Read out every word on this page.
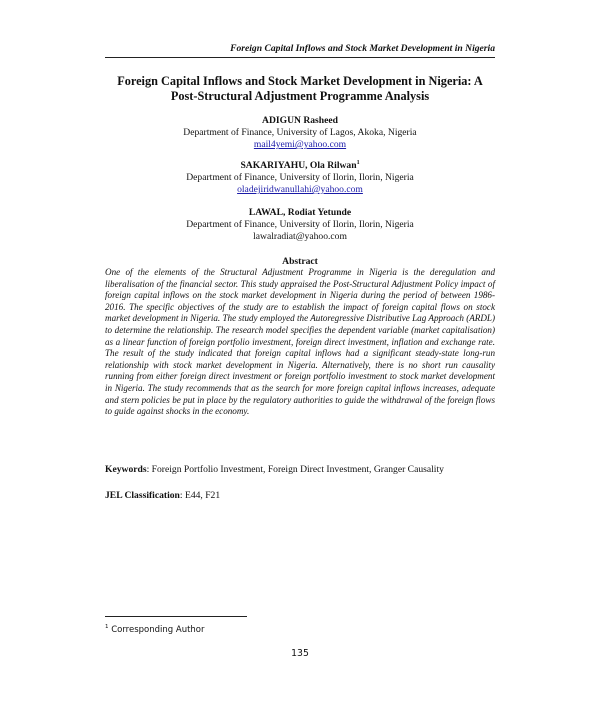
Foreign Capital Inflows and Stock Market Development in Nigeria
Foreign Capital Inflows and Stock Market Development in Nigeria: A
Post-Structural Adjustment Programme Analysis
ADIGUN Rasheed
Department of Finance, University of Lagos, Akoka, Nigeria
mail4yemi@yahoo.com
SAKARIYAHU, Ola Rilwan$^1$
Department of Finance, University of Ilorin, Ilorin, Nigeria
oladejiridwanullahi@yahoo.com
LAWAL, Rodiat Yetunde
Department of Finance, University of Ilorin, Ilorin, Nigeria
lawalradiat@yahoo.com
Abstract
One of the elements of the Structural Adjustment Programme in Nigeria is the deregulation and liberalisation of the financial sector. This study appraised the Post-Structural Adjustment Policy impact of foreign capital inflows on the stock market development in Nigeria during the period of between 1986-2016. The specific objectives of the study are to establish the impact of foreign capital flows on stock market development in Nigeria. The study employed the Autoregressive Distributive Lag Approach (ARDL) to determine the relationship. The research model specifies the dependent variable (market capitalisation) as a linear function of foreign portfolio investment, foreign direct investment, inflation and exchange rate. The result of the study indicated that foreign capital inflows had a significant steady-state long-run relationship with stock market development in Nigeria. Alternatively, there is no short run causality running from either foreign direct investment or foreign portfolio investment to stock market development in Nigeria. The study recommends that as the search for more foreign capital inflows increases, adequate and stern policies be put in place by the regulatory authorities to guide the withdrawal of the foreign flows to guide against shocks in the economy.
Keywords: Foreign Portfolio Investment, Foreign Direct Investment, Granger Causality
JEL Classification: E44, F21
$^1$ Corresponding Author
135
